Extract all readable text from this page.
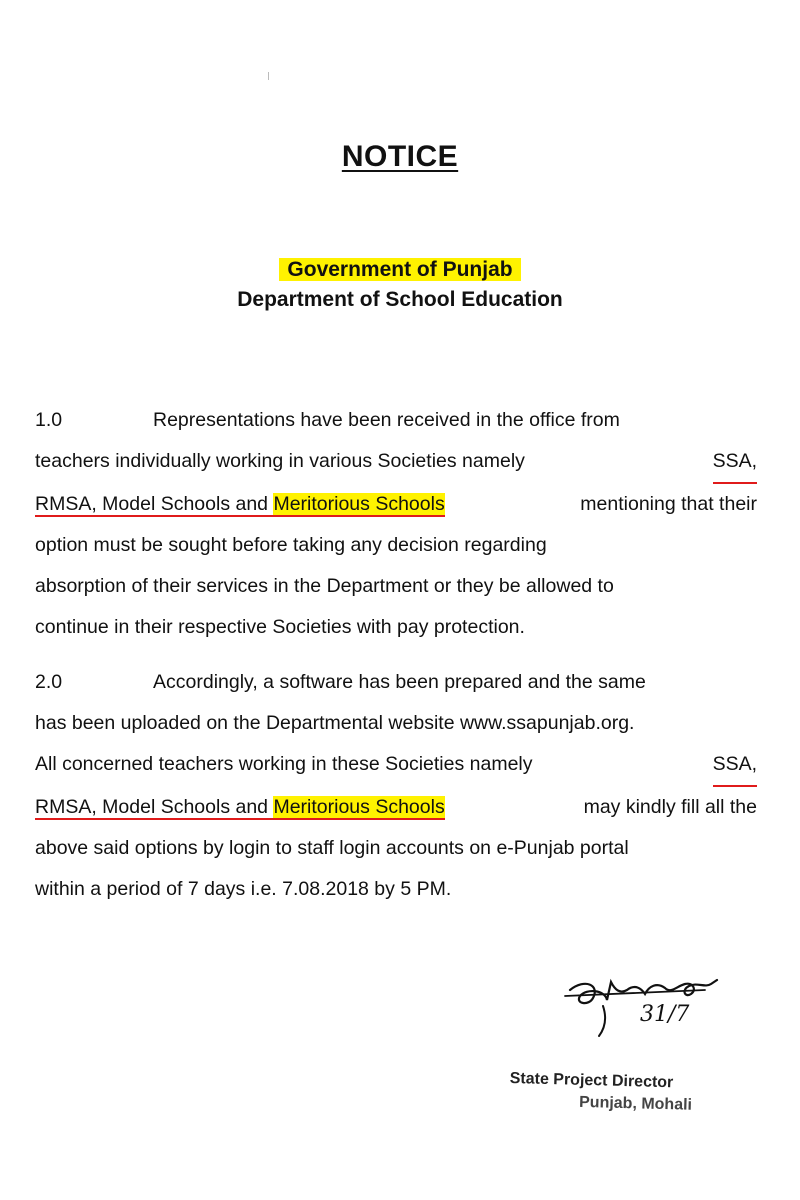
NOTICE
Government of Punjab
Department of School Education
1.0	Representations have been received in the office from
teachers individually working in various Societies namely	SSA,
RMSA, Model Schools and Meritorious Schools	mentioning that their
option must be sought before taking any decision regarding
absorption of their services in the Department or they be allowed to
continue in their respective Societies with pay protection.
2.0	Accordingly, a software has been prepared and the same
has been uploaded on the Departmental website www.ssapunjab.org.
All concerned teachers working in these Societies namely	SSA,
RMSA, Model Schools and Meritorious Schools	may kindly fill all the
above said options by login to staff login accounts on e-Punjab portal
within a period of 7 days i.e. 7.08.2018 by 5 PM.
31/7
State Project Director
Punjab, Mohali
